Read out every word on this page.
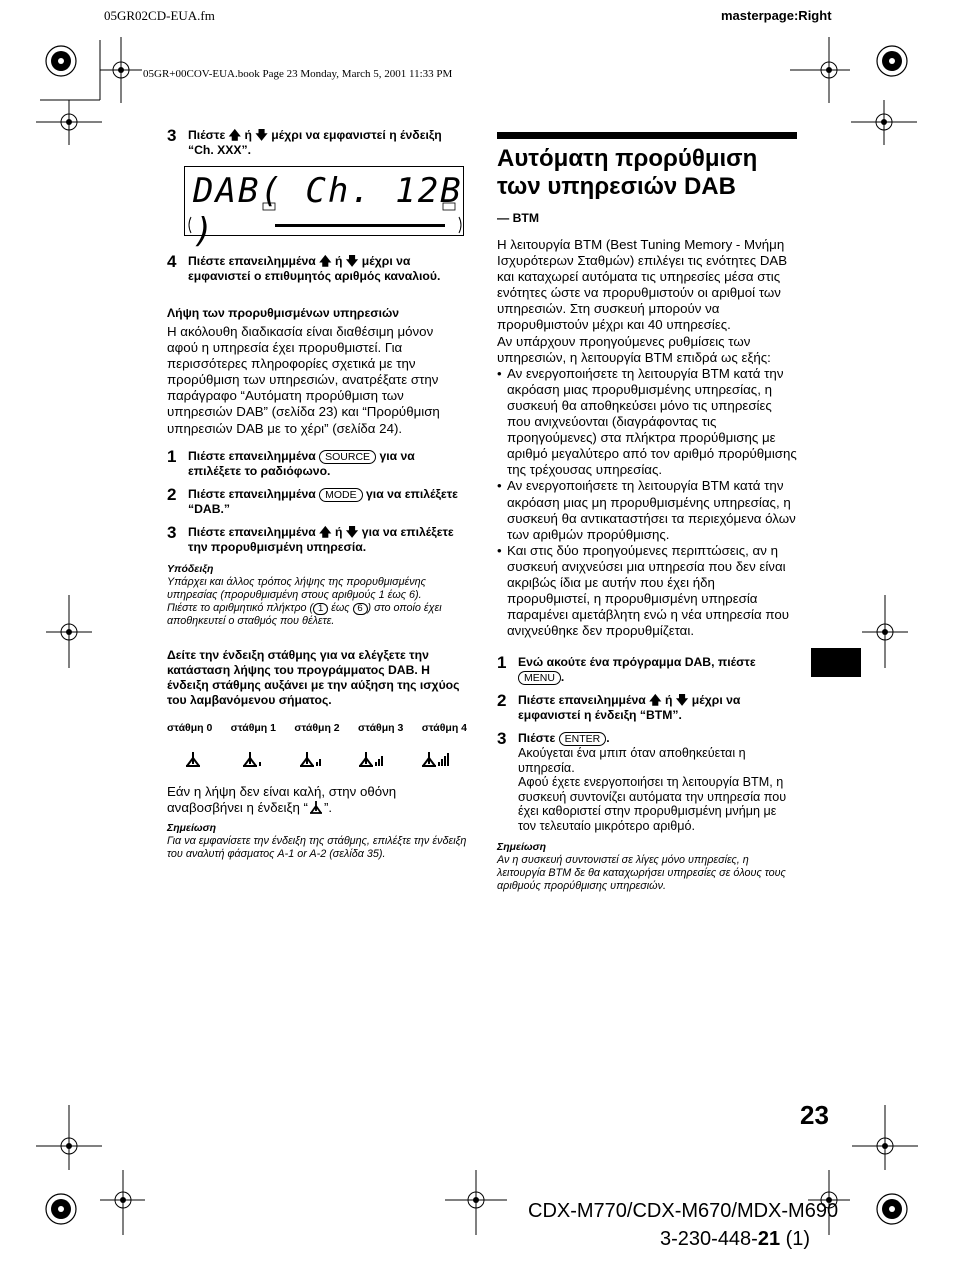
05GR02CD-EUA.fm	masterpage:Right
05GR+00COV-EUA.book Page 23 Monday, March 5, 2001 11:33 PM
3 Πιέστε 🡅 ή 🡇 μέχρι να εμφανιστεί η ένδειξη “Ch. XXX”.
DAB( Ch. 12B )
4 Πιέστε επανειλημμένα 🡅 ή 🡇 μέχρι να εμφανιστεί ο επιθυμητός αριθμός καναλιού.
Λήψη των προρυθμισμένων υπηρεσιών
Η ακόλουθη διαδικασία είναι διαθέσιμη μόνον αφού η υπηρεσία έχει προρυθμιστεί. Για περισσότερες πληροφορίες σχετικά με την προρύθμιση των υπηρεσιών, ανατρέξατε στην παράγραφο “Αυτόματη προρύθμιση των υπηρεσιών DAB” (σελίδα 23) και “Προρύθμιση υπηρεσιών DAB με το χέρι” (σελίδα 24).
1 Πιέστε επανειλημμένα SOURCE για να επιλέξετε το ραδιόφωνο.
2 Πιέστε επανειλημμένα MODE για να επιλέξετε “DAB.”
3 Πιέστε επανειλημμένα 🡅 ή 🡇 για να επιλέξετε την προρυθμισμένη υπηρεσία.
Υπόδειξη
Υπάρχει και άλλος τρόπος λήψης της προρυθμισμένης υπηρεσίας (προρυθμισμένη στους αριθμούς 1 έως 6).
Πιέστε το αριθμητικό πλήκτρο ( 1 έως 6 ) στο οποίο έχει αποθηκευτεί ο σταθμός που θέλετε.
Δείτε την ένδειξη στάθμης για να ελέγξετε την κατάσταση λήψης του προγράμματος DAB. Η ένδειξη στάθμης αυξάνει με την αύξηση της ισχύος του λαμβανόμενου σήματος.
στάθμη 0 στάθμη 1 στάθμη 2 στάθμη 3 στάθμη 4
Εάν η λήψη δεν είναι καλή, στην οθόνη αναβοσβήνει η ένδειξη “ ”.
Σημείωση
Για να εμφανίσετε την ένδειξη της στάθμης, επιλέξτε την ένδειξη του αναλυτή φάσματος A-1 or A-2 (σελίδα 35).
Αυτόματη προρύθμιση των υπηρεσιών DAB
— BTM
Η λειτουργία BTM (Best Tuning Memory - Μνήμη Ισχυρότερων Σταθμών) επιλέγει τις ενότητες DAB και καταχωρεί αυτόματα τις υπηρεσίες μέσα στις ενότητες ώστε να προρυθμιστούν οι αριθμοί των υπηρεσιών. Στη συσκευή μπορούν να προρυθμιστούν μέχρι και 40 υπηρεσίες.
Αν υπάρχουν προηγούμενες ρυθμίσεις των υπηρεσιών, η λειτουργία BTM επιδρά ως εξής:
• Αν ενεργοποιήσετε τη λειτουργία BTM κατά την ακρόαση μιας προρυθμισμένης υπηρεσίας, η συσκευή θα αποθηκεύσει μόνο τις υπηρεσίες που ανιχνεύονται (διαγράφοντας τις προηγούμενες) στα πλήκτρα προρύθμισης με αριθμό μεγαλύτερο από τον αριθμό προρύθμισης της τρέχουσας υπηρεσίας.
• Αν ενεργοποιήσετε τη λειτουργία BTM κατά την ακρόαση μιας μη προρυθμισμένης υπηρεσίας, η συσκευή θα αντικαταστήσει τα περιεχόμενα όλων των αριθμών προρύθμισης.
• Και στις δύο προηγούμενες περιπτώσεις, αν η συσκευή ανιχνεύσει μια υπηρεσία που δεν είναι ακριβώς ίδια με αυτήν που έχει ήδη προρυθμιστεί, η προρυθμισμένη υπηρεσία παραμένει αμετάβλητη ενώ η νέα υπηρεσία που ανιχνεύθηκε δεν προρυθμίζεται.
1 Ενώ ακούτε ένα πρόγραμμα DAB, πιέστε MENU .
2 Πιέστε επανειλημμένα 🡅 ή 🡇 μέχρι να εμφανιστεί η ένδειξη “BTM”.
3 Πιέστε ENTER .
Ακούγεται ένα μπιπ όταν αποθηκεύεται η υπηρεσία.
Αφού έχετε ενεργοποιήσει τη λειτουργία BTM, η συσκευή συντονίζει αυτόματα την υπηρεσία που έχει καθοριστεί στην προρυθμισμένη μνήμη με τον τελευταίο μικρότερο αριθμό.
Σημείωση
Αν η συσκευή συντονιστεί σε λίγες μόνο υπηρεσίες, η λειτουργία BTM δε θα καταχωρήσει υπηρεσίες σε όλους τους αριθμούς προρύθμισης υπηρεσιών.
23
CDX-M770/CDX-M670/MDX-M690
3-230-448-21 (1)
